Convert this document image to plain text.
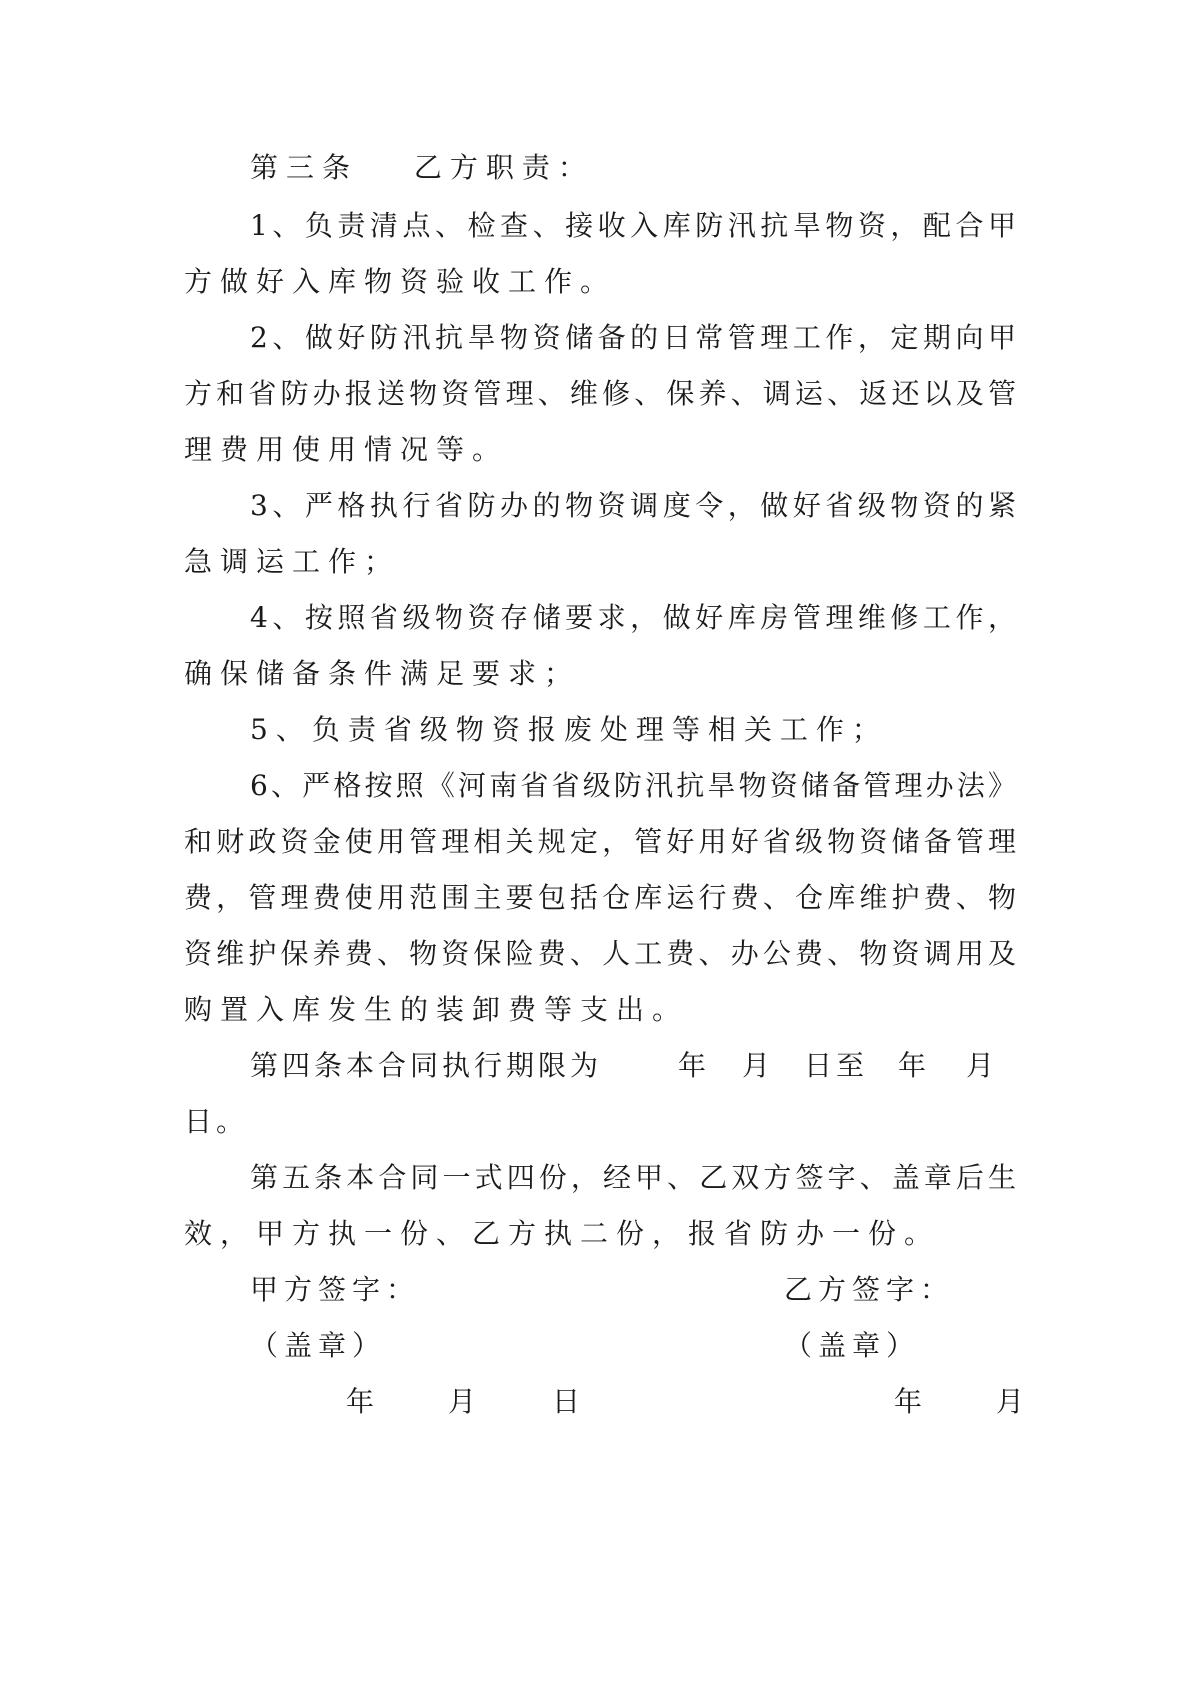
第三条 乙方职责：
1、负责清点、检查、接收入库防汛抗旱物资，配合甲
方做好入库物资验收工作。
2、做好防汛抗旱物资储备的日常管理工作，定期向甲
方和省防办报送物资管理、维修、保养、调运、返还以及管
理费用使用情况等。
3、严格执行省防办的物资调度令，做好省级物资的紧
急调运工作；
4、按照省级物资存储要求，做好库房管理维修工作，
确保储备条件满足要求；
5、负责省级物资报废处理等相关工作；
6、严格按照《河南省省级防汛抗旱物资储备管理办法》
和财政资金使用管理相关规定，管好用好省级物资储备管理
费，管理费使用范围主要包括仓库运行费、仓库维护费、物
资维护保养费、物资保险费、人工费、办公费、物资调用及
购置入库发生的装卸费等支出。
第四条本合同执行期限为	年 月 日至 年 月
日。
第五条本合同一式四份，经甲、乙双方签字、盖章后生
效，甲方执一份、乙方执二份，报省防办一份。
甲方签字：	乙方签字：
（盖章）	（盖章）
年	月	日	年	月
